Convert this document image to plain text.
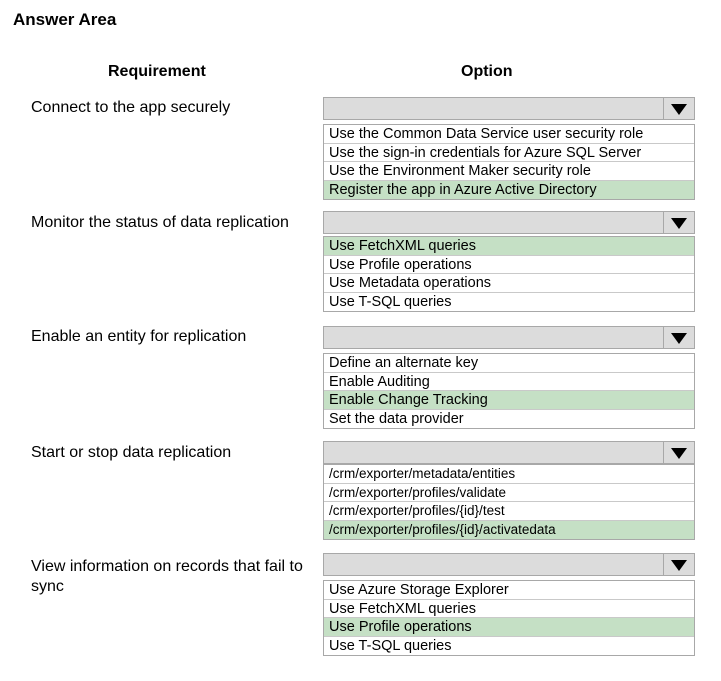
Answer Area
Requirement	Option
Connect to the app securely
Use the Common Data Service user security role
Use the sign-in credentials for Azure SQL Server
Use the Environment Maker security role
Register the app in Azure Active Directory
Monitor the status of data replication
Use FetchXML queries
Use Profile operations
Use Metadata operations
Use T-SQL queries
Enable an entity for replication
Define an alternate key
Enable Auditing
Enable Change Tracking
Set the data provider
Start or stop data replication
/crm/exporter/metadata/entities
/crm/exporter/profiles/validate
/crm/exporter/profiles/{id}/test
/crm/exporter/profiles/{id}/activatedata
View information on records that fail to sync	Use Azure Storage Explorer
Use FetchXML queries
Use Profile operations
Use T-SQL queries
